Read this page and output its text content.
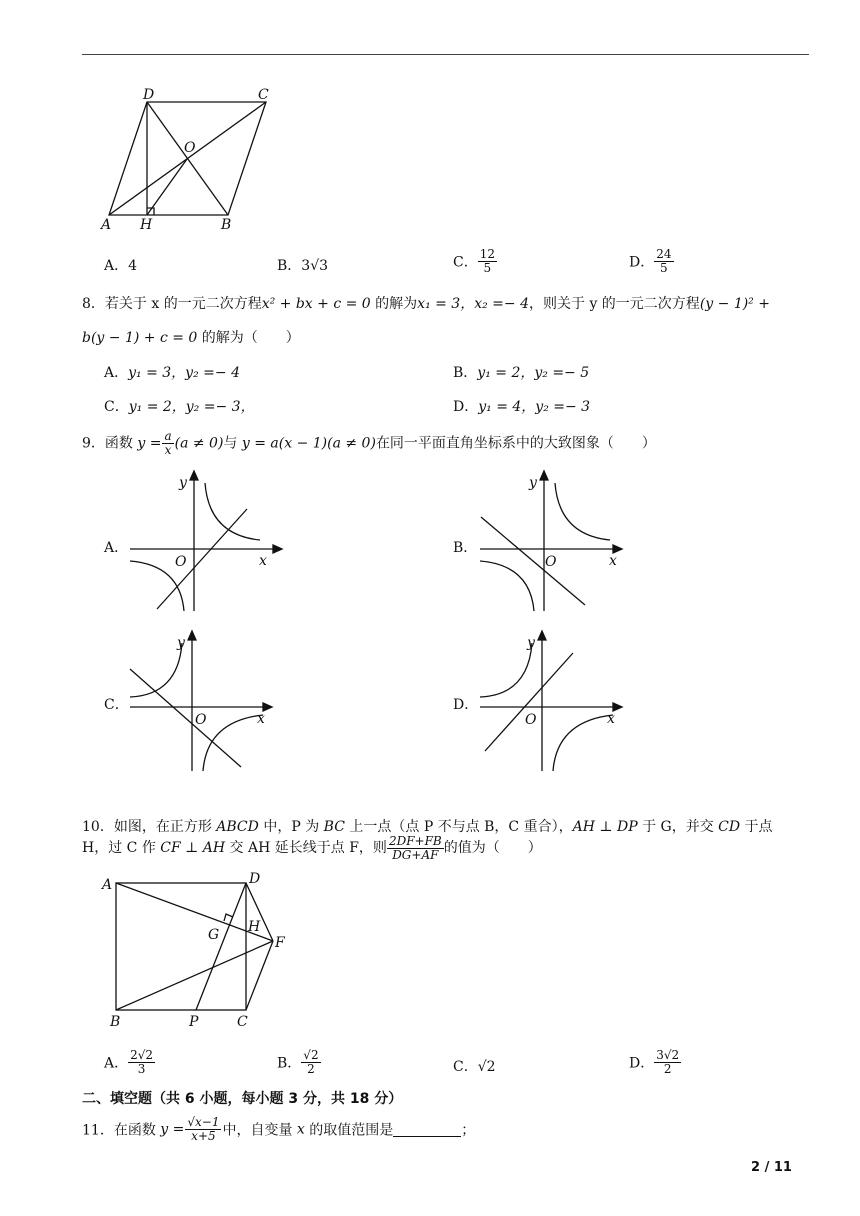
D	C
O
A H	B
A．4	B．3√3	C． $\frac{12}{5}$	D． $\frac{24}{5}$
8．若关于 x 的一元二次方程x² + bx + c = 0 的解为x₁ = 3，x₂ =− 4，则关于 y 的一元二次方程(y − 1)² +
b(y − 1) + c = 0 的解为（　　）
A．y₁ = 3，y₂ =− 4	B．y₁ = 2，y₂ =− 5
C．y₁ = 2，y₂ =− 3，	D．y₁ = 4，y₂ =− 3
9．函数 $y = \frac{a}{x} (a \ne 0)$与 y = a(x − 1)(a ≠ 0)在同一平面直角坐标系中的大致图象（　　）
A．
y
x
O
B．
y
x
O
C．
y
x
O
D．
y
x
O
10．如图，在正方形 ABCD 中，P 为 BC 上一点（点 P 不与点 B，C 重合），AH ⊥ DP 于 G，并交 CD 于点
H，过 C 作 CF ⊥ AH 交 AH 延长线于点 F，则 $\frac{2DF+FB}{DG+AF}$ 的值为（　　）
A	D
G H
F
B	P	C
A． $\frac{2√2}{3}$	B． $\frac{√2}{2}$	C．√2	D． $\frac{3√2}{2}$
二、填空题（共 6 小题，每小题 3 分，共 18 分）
11．在函数 $y = \frac{√x-1}{x+5}$ 中，自变量 x 的取值范围是	；
2 / 11
